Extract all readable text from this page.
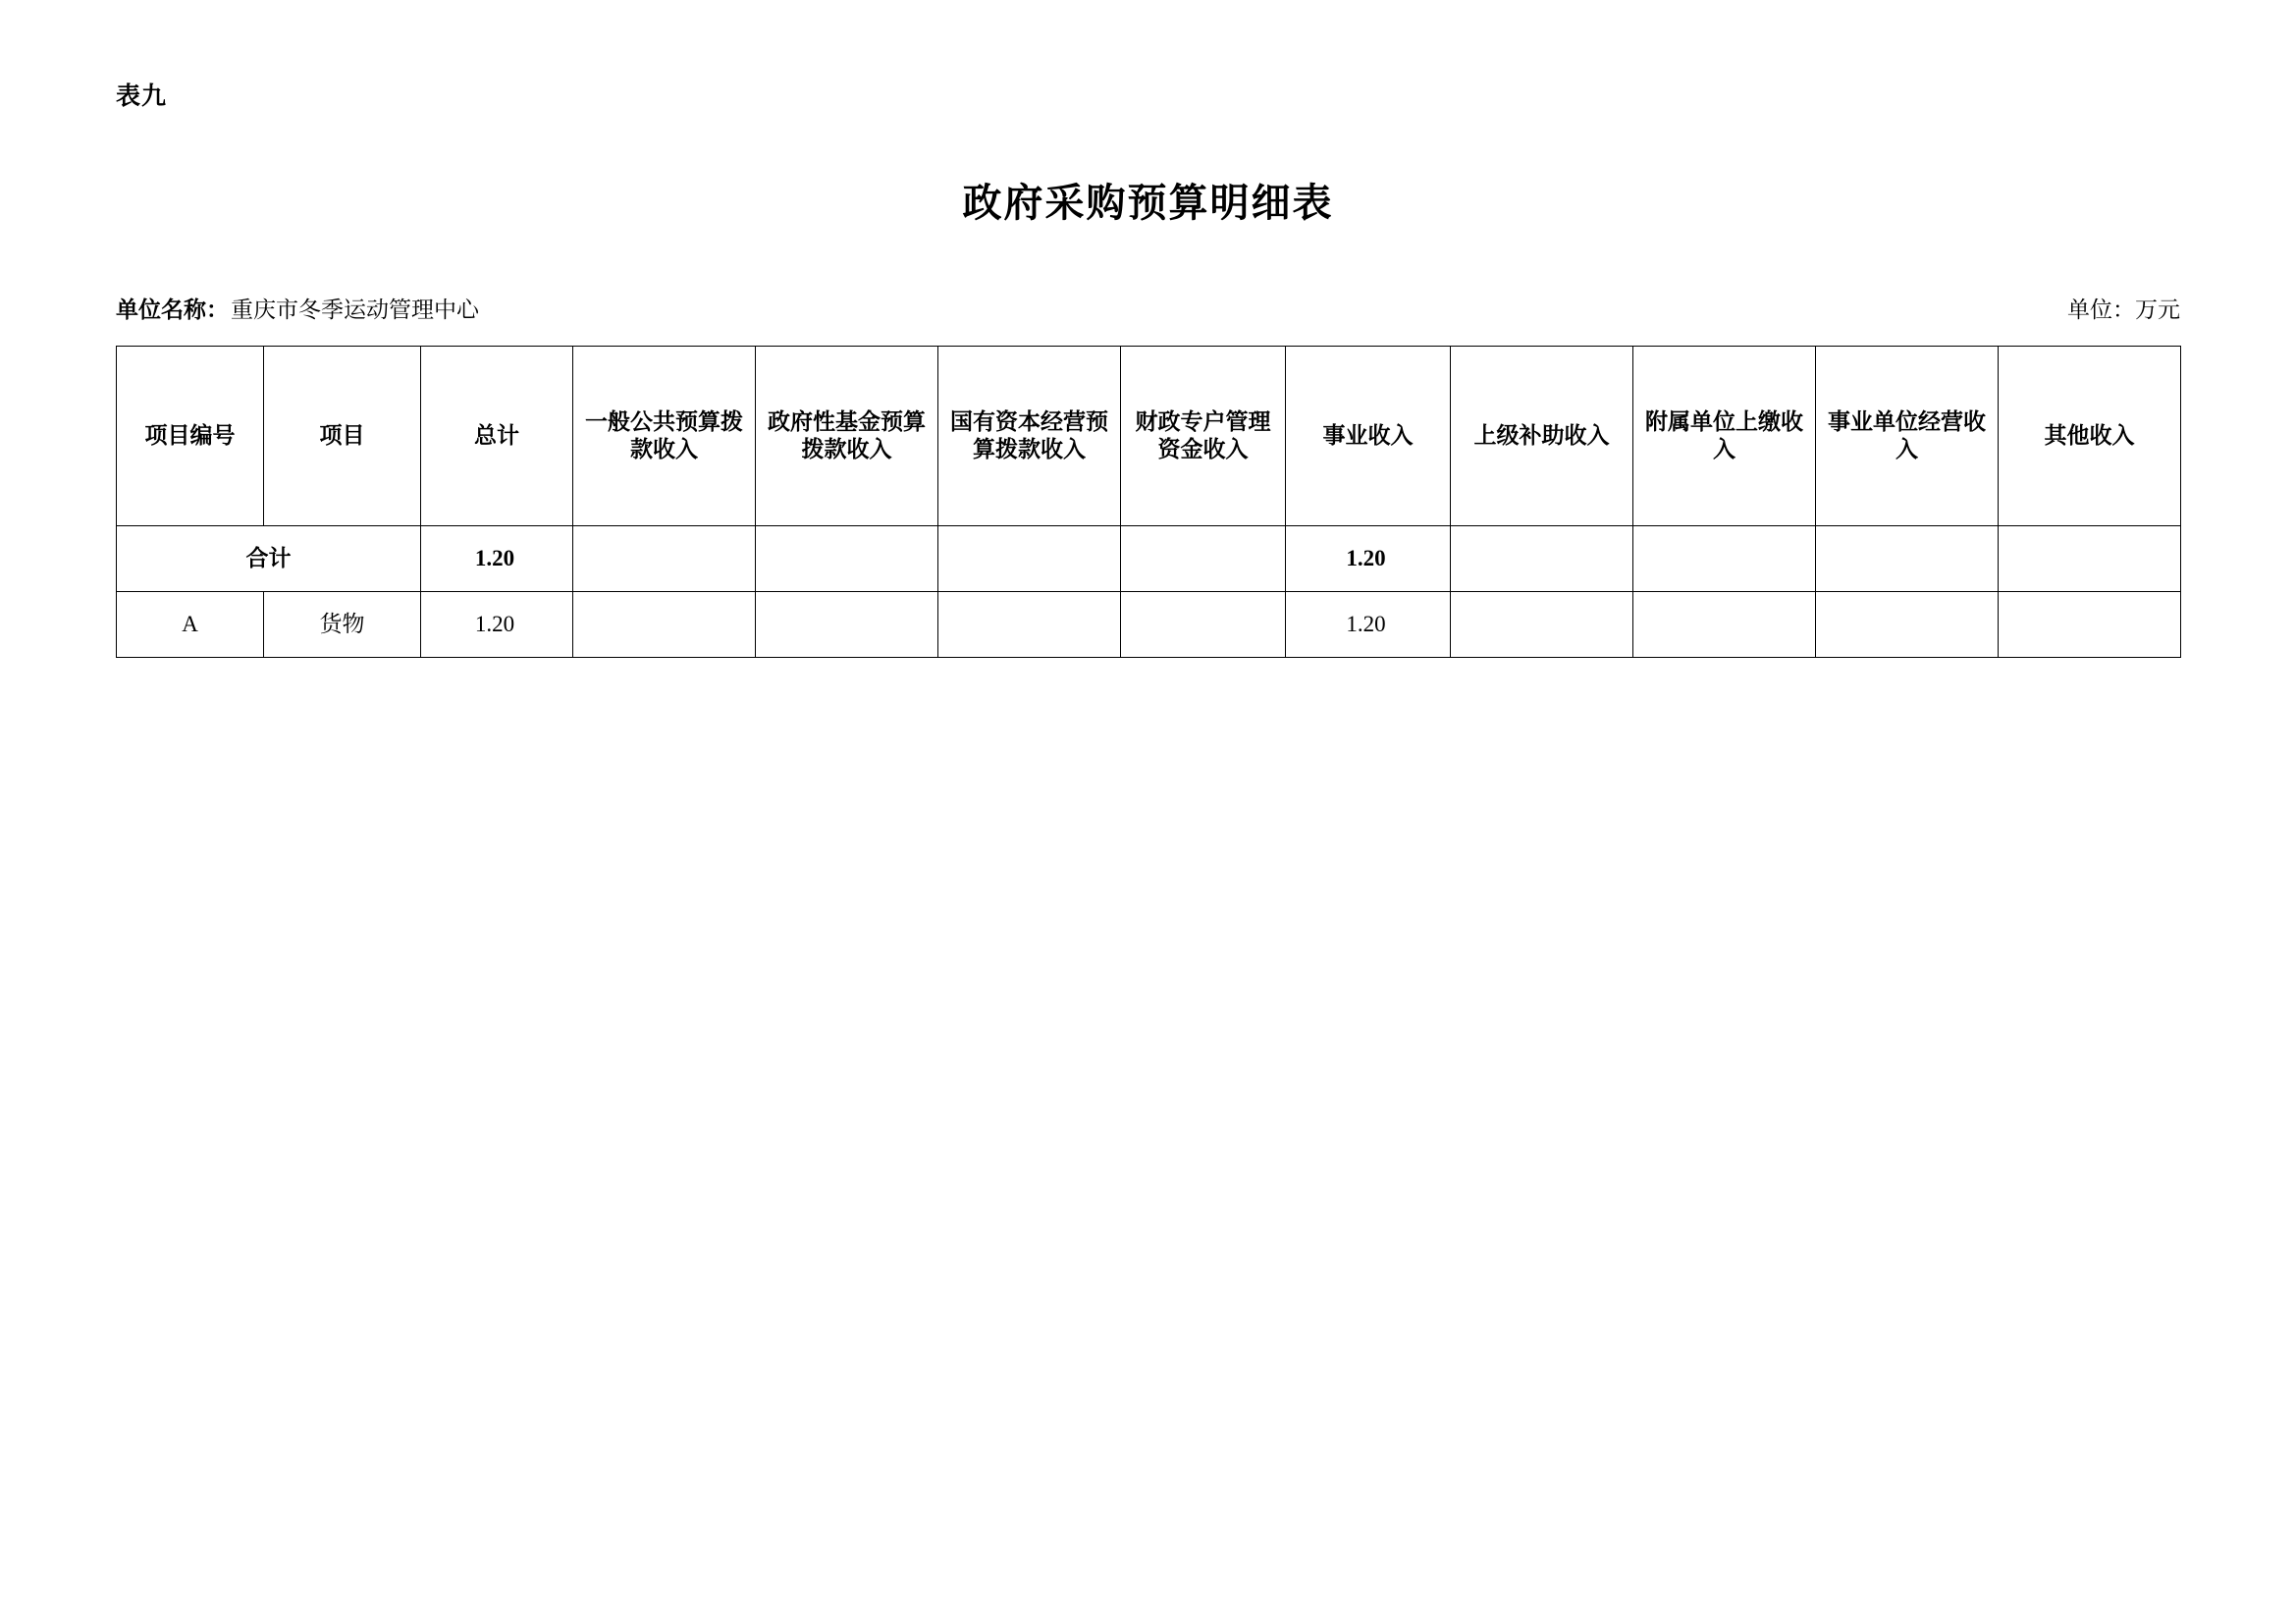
表九
政府采购预算明细表
单位名称：重庆市冬季运动管理中心	单位：万元
项目编号	项目	总计	一般公共预算拨款收入	政府性基金预算拨款收入	国有资本经营预算拨款收入	财政专户管理资金收入	事业收入	上级补助收入	附属单位上缴收入	事业单位经营收入	其他收入
合计		1.20					1.20				
A	货物	1.20					1.20				
